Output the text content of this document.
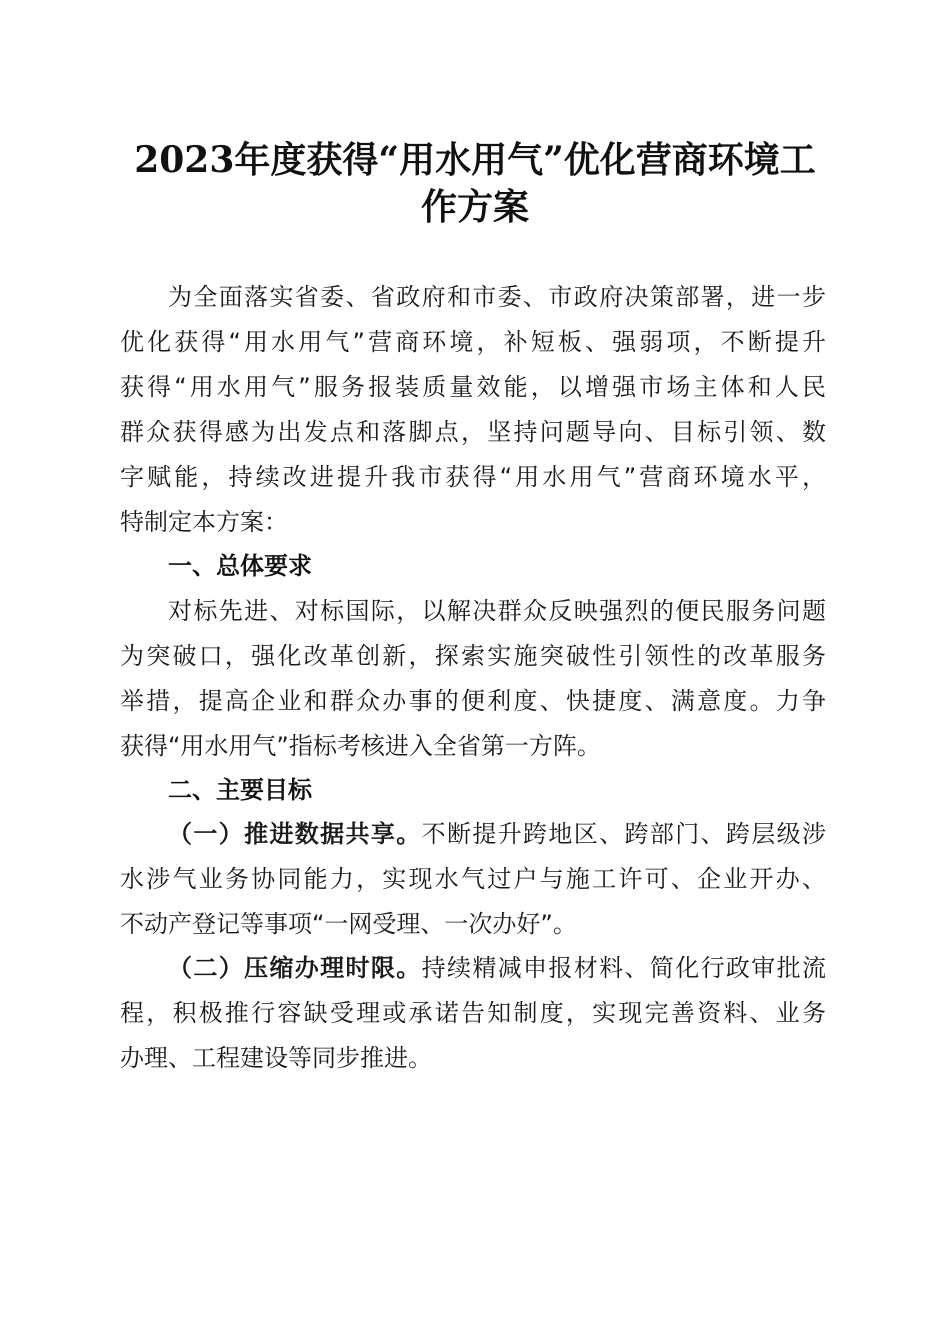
2023年度获得“用水用气”优化营商环境工
作方案
为全面落实省委、省政府和市委、市政府决策部署，进一步
优化获得“用水用气”营商环境，补短板、强弱项，不断提升
获得“用水用气”服务报装质量效能，以增强市场主体和人民
群众获得感为出发点和落脚点，坚持问题导向、目标引领、数
字赋能，持续改进提升我市获得“用水用气”营商环境水平，
特制定本方案：
一、总体要求
对标先进、对标国际，以解决群众反映强烈的便民服务问题
为突破口，强化改革创新，探索实施突破性引领性的改革服务
举措，提高企业和群众办事的便利度、快捷度、满意度。力争
获得“用水用气”指标考核进入全省第一方阵。
二、主要目标
（一）推进数据共享。不断提升跨地区、跨部门、跨层级涉
水涉气业务协同能力，实现水气过户与施工许可、企业开办、
不动产登记等事项“一网受理、一次办好”。
（二）压缩办理时限。持续精减申报材料、简化行政审批流
程，积极推行容缺受理或承诺告知制度，实现完善资料、业务
办理、工程建设等同步推进。
